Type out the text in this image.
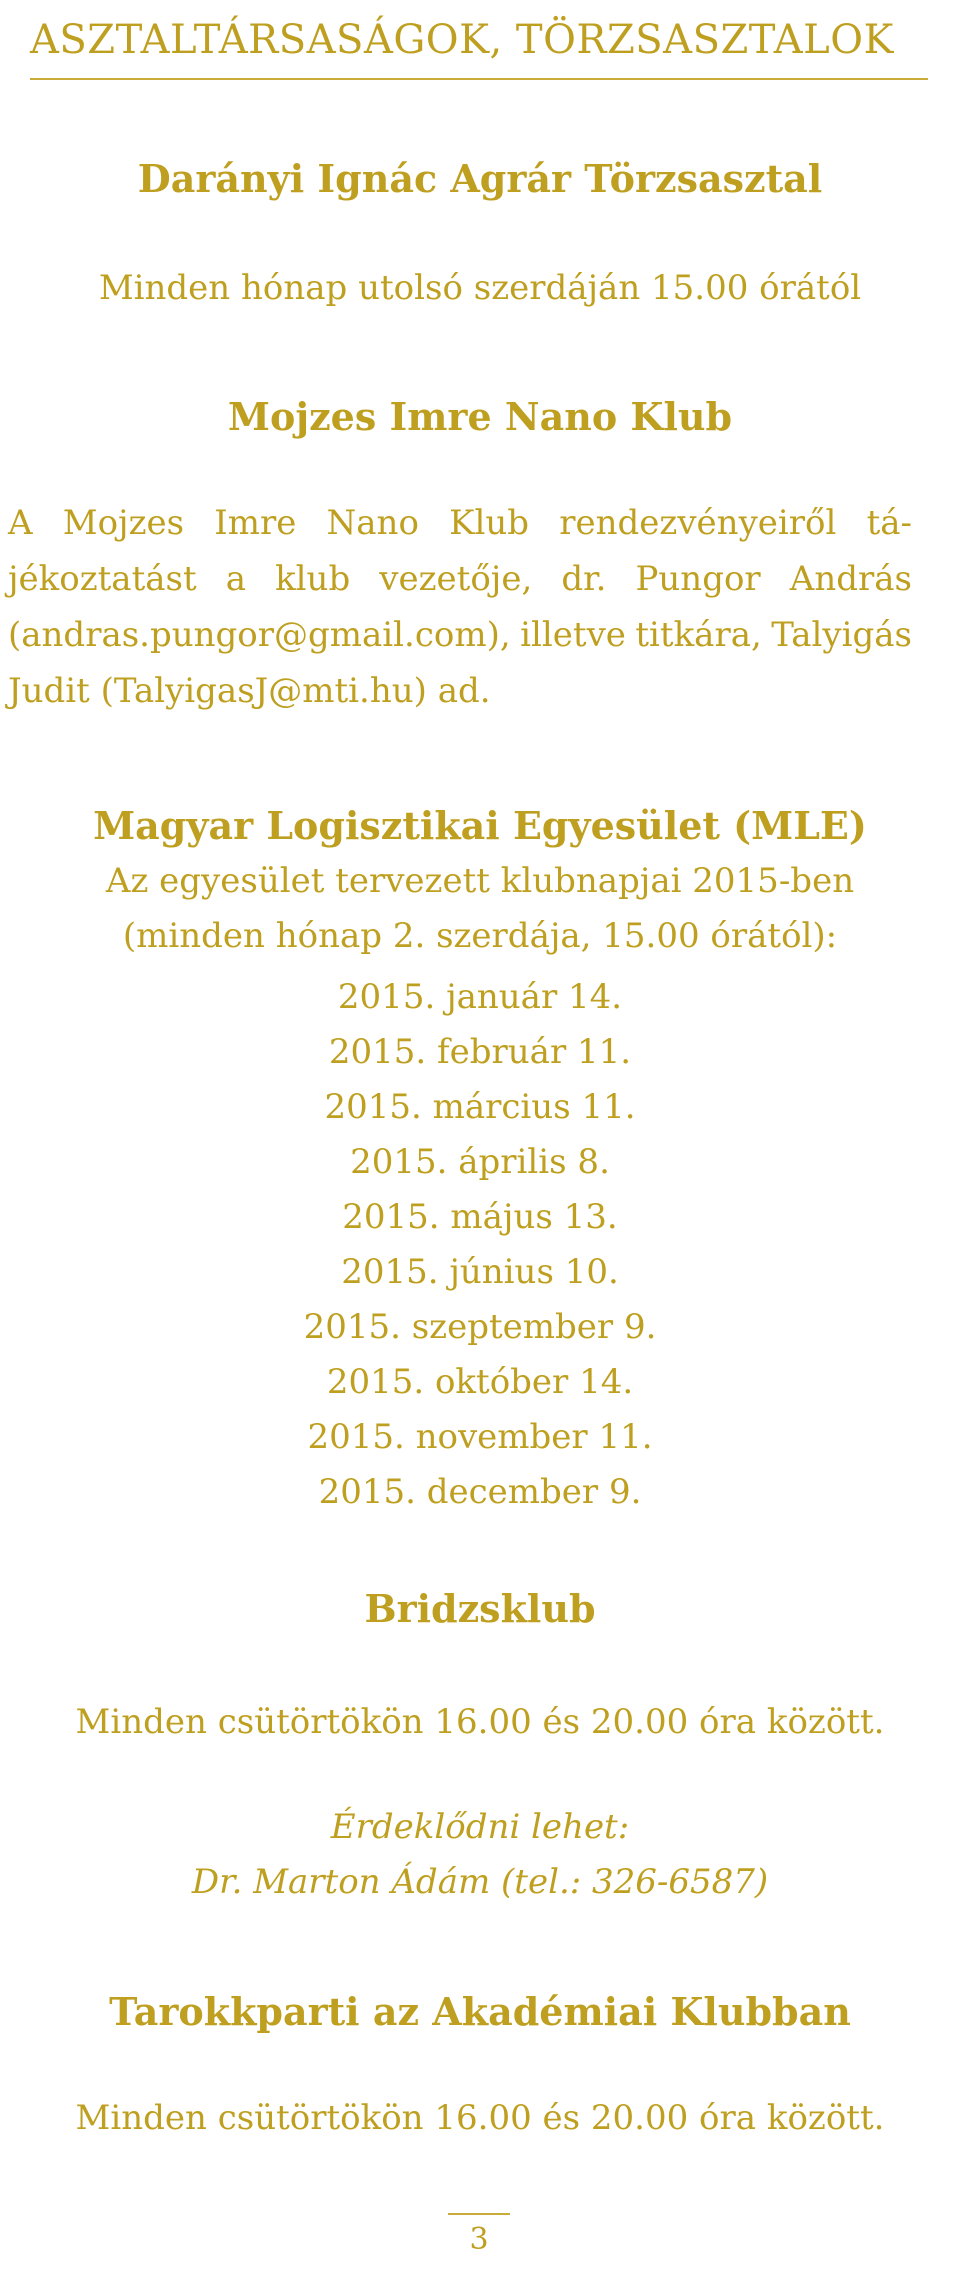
ASZTALTÁRSASÁGOK, TÖRZSASZTALOK
Darányi Ignác Agrár Törzsasztal
Minden hónap utolsó szerdáján 15.00 órától
Mojzes Imre Nano Klub
A Mojzes Imre Nano Klub rendezvényeiről tá-
jékoztatást a klub vezetője, dr. Pungor András
(andras.pungor@gmail.com), illetve titkára, Talyigás
Judit (TalyigasJ@mti.hu) ad.
Magyar Logisztikai Egyesület (MLE)
Az egyesület tervezett klubnapjai 2015-ben
(minden hónap 2. szerdája, 15.00 órától):
2015. január 14.
2015. február 11.
2015. március 11.
2015. április 8.
2015. május 13.
2015. június 10.
2015. szeptember 9.
2015. október 14.
2015. november 11.
2015. december 9.
Bridzsklub
Minden csütörtökön 16.00 és 20.00 óra között.
Érdeklődni lehet:
Dr. Marton Ádám (tel.: 326-6587)
Tarokkparti az Akadémiai Klubban
Minden csütörtökön 16.00 és 20.00 óra között.
3
